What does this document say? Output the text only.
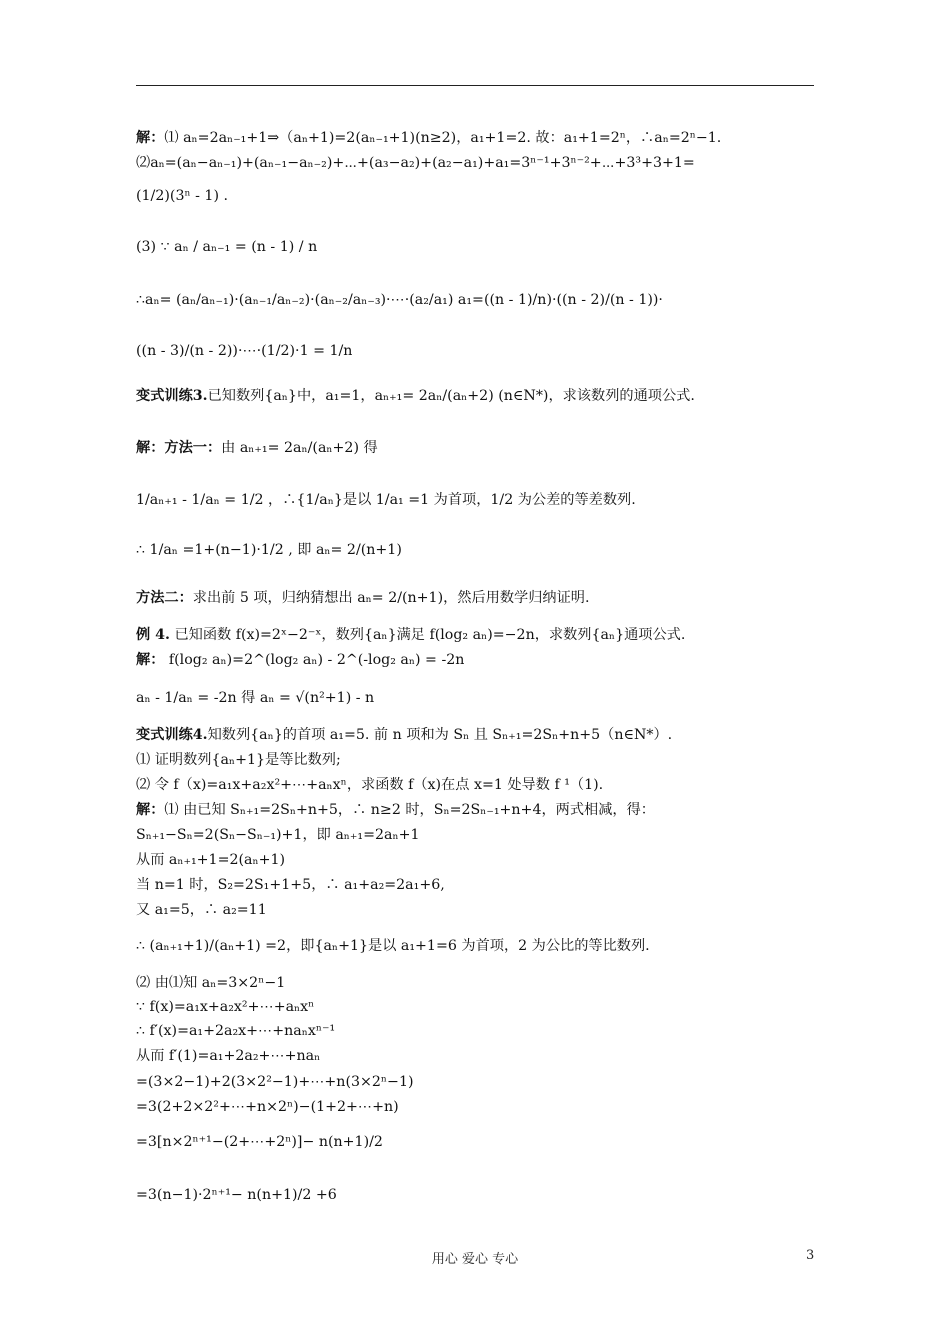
解：⑴ aₙ=2aₙ₋₁+1⇒（aₙ+1)=2(aₙ₋₁+1)(n≥2)，a₁+1=2. 故：a₁+1=2ⁿ，∴aₙ=2ⁿ−1.
⑵aₙ=(aₙ−aₙ₋₁)+(aₙ₋₁−aₙ₋₂)+⋯+(a₃−a₂)+(a₂−a₁)+a₁=3ⁿ⁻¹+3ⁿ⁻²+⋯+3³+3+1=
(1/2)(3ⁿ - 1) .
(3) ∵ aₙ / aₙ₋₁ = (n - 1) / n
∴aₙ= (aₙ/aₙ₋₁)·(aₙ₋₁/aₙ₋₂)·(aₙ₋₂/aₙ₋₃)·⋯·(a₂/a₁) a₁=((n - 1)/n)·((n - 2)/(n - 1))·
((n - 3)/(n - 2))·⋯·(1/2)·1 = 1/n
变式训练3.已知数列{aₙ}中，a₁=1，aₙ₊₁= 2aₙ/(aₙ+2) (n∈N*)，求该数列的通项公式.
解：方法一：由 aₙ₊₁= 2aₙ/(aₙ+2) 得
1/aₙ₊₁ - 1/aₙ = 1/2 ，∴{1/aₙ}是以 1/a₁ =1 为首项，1/2 为公差的等差数列.
∴ 1/aₙ =1+(n−1)·1/2 , 即 aₙ= 2/(n+1)
方法二：求出前 5 项，归纳猜想出 aₙ= 2/(n+1)，然后用数学归纳证明.
例 4. 已知函数 f(x)=2ˣ−2⁻ˣ，数列{aₙ}满足 f(log₂ aₙ)=−2n，求数列{aₙ}通项公式.
解： f(log₂ aₙ)=2^(log₂ aₙ) - 2^(-log₂ aₙ) = -2n
aₙ - 1/aₙ = -2n 得 aₙ = √(n²+1) - n
变式训练4.知数列{aₙ}的首项 a₁=5. 前 n 项和为 Sₙ 且 Sₙ₊₁=2Sₙ+n+5（n∈N*）.
⑴ 证明数列{aₙ+1}是等比数列;
⑵ 令 f（x)=a₁x+a₂x²+⋯+aₙxⁿ，求函数 f（x)在点 x=1 处导数 f ¹（1).
解：⑴ 由已知 Sₙ₊₁=2Sₙ+n+5，∴ n≥2 时，Sₙ=2Sₙ₋₁+n+4，两式相减，得：
Sₙ₊₁−Sₙ=2(Sₙ−Sₙ₋₁)+1，即 aₙ₊₁=2aₙ+1
从而 aₙ₊₁+1=2(aₙ+1)
当 n=1 时，S₂=2S₁+1+5，∴ a₁+a₂=2a₁+6,
又 a₁=5，∴ a₂=11
∴ (aₙ₊₁+1)/(aₙ+1) =2，即{aₙ+1}是以 a₁+1=6 为首项，2 为公比的等比数列.
⑵ 由⑴知 aₙ=3×2ⁿ−1
∵ f(x)=a₁x+a₂x²+⋯+aₙxⁿ
∴ f′(x)=a₁+2a₂x+⋯+naₙxⁿ⁻¹
从而 f′(1)=a₁+2a₂+⋯+naₙ
=(3×2−1)+2(3×2²−1)+⋯+n(3×2ⁿ−1)
=3(2+2×2²+⋯+n×2ⁿ)−(1+2+⋯+n)
=3[n×2ⁿ⁺¹−(2+⋯+2ⁿ)]− n(n+1)/2
=3(n−1)·2ⁿ⁺¹− n(n+1)/2 +6
用心 爱心 专心	3
